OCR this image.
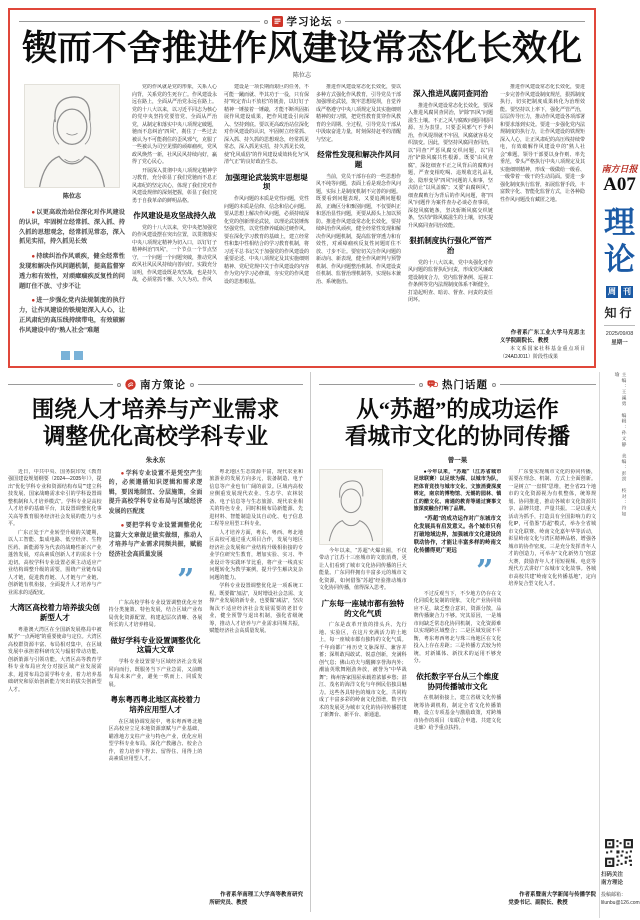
学习论坛
锲而不舍推进作风建设常态化长效化
陈位志
陈位志

●以更高政治站位深化对作风建设的认识，牢固树立经常抓、深入抓、持久抓的思想观念，经常抓见常态，深入抓见实招，持久抓见长效

●持续纠治作风顽疾，健全经常性发现和解决作风问题机制，提高监督穿透力和有效性，对顽瘴痼疾反复性的问题盯住不放、寸步不让

●进一步强化党内法规制度的执行力，让作风建设的铁规矩深入人心，让正风肃纪的高压线持续带电，有效破解作风建设中的“熟人社会”难题

党的作风就是党的形象，关系人心向背，关系党的生死存亡。作风建设永远在路上，全面从严治党永远在路上。党的十八大以来，以习近平同志为核心的党中央坚持党要管党、全面从严治党，从制定和落实中央八项规定破题，驰而不息纠治“四风”，刹住了一些过去被认为不可能刹住的歪风邪气，克服了一些被认为司空见惯的顽瘴痼疾，党风政风焕然一新，社风民风持续向好，赢得了党心民心。

开展深入贯彻中央八项规定精神学习教育，充分彰显了我们党驰而不息正风肃纪的坚定决心，体现了我们党对作风建设规律的深刻把握，彰显了我们党勇于自我革命的鲜明品格。

作风建设是攻坚战持久战

党的十八大以来，党中央把加强党的作风建设摆在突出位置，以贯彻落实中央八项规定精神为切入口，以钉钉子精神纠治“四风”，一个节点一个节点坚守，一个问题一个问题突破，推动党风政风社风民风持续向善向好。实践充分证明，作风建设既是攻坚战，也是持久战，必须常抓不懈、久久为功。作风

建设是一项长期而艰巨的任务，不可能一蹴而就、毕其功于一役，只有保持“咬定青山不放松”的韧劲，以钉钉子精神一锤接着一锤敲，才能不断巩固拓展作风建设成果，把作风建设引向深入、坚持到底。要以更高政治站位深化对作风建设的认识，牢固树立经常抓、深入抓、持久抓的思想观念，经常抓见常态，深入抓见实招，持久抓见长效，使“化风成俗”的作风建设成效转化为“风清气正”的良好政治生态。

加强理论武装筑牢思想堤坝

作风问题的本质是党性问题，党性问题的本质是信仰、信念和信心问题。要从思想上解决作风问题，必须持续深化党的创新理论武装，以理论武装锤炼坚强党性，以党性修养砥砺过硬作风。要在深化学习教育的基础上，建立经常性和集中性相结合的学习教育机制，将习近平总书记关于加强党的作风建设的重要论述、中央八项规定及其实施细则精神、党纪党规中关于作风建设的内容作为党内学习必修课，夯实党的作风建设的思想根基。

推进作风建设常态化长效化，要以多种方式强化作风教育，引导党员干部加强理论武装，筑牢思想堤坝，自觉养成严格遵守中央八项规定及其实施细则精神的好习惯，把党性教育贯穿作风教育的全周期、全过程，引导党员干部从中汲取奋进力量，时刻保持赶考的清醒与坚定。

经常性发现和解决作风问题

当前，党员干部存在的一些思想作风不纯等问题，表面上看是观念作风问题，实际上是制度机制不完善的问题。既要看到问题表现，又要追溯问题根源，正确区分和甄别问题，不仅要纠正和惩治显性问题，更要从源头上加以预防。推进作风建设常态化长效化，要持续纠治作风顽疾，健全经常性发现和解决作风问题机制，提高监督穿透力和有效性，对顽瘴痼疾反复性问题盯住不放、寸步不让。要密切关注作风问题的新动向、新表现，健全作风研判与预警机制、作风问题整治机制、作风建设责任机制、监督治理机制等，实现标本兼治、系统施治。

深入推进风腐同查同治

推进作风建设常态化长效化，要深入推进风腐同查同治，铲除“四风”问题滋生土壤。不正之风与腐败问题同根同源、互为表里。只要歪风邪气不予纠治，作风堤坝就不牢固，风腐就容易交织演变。因此，要坚持风腐同查同治，以“同查”严惩风腐交织问题，以“同治”铲除风腐共性根源。既要“由风查腐”，深挖细查不正之风背后的腐败问题，严查变相吃喝、违规收送礼品礼金、隐形变异“四风”问题的人和事，坚决防止“以风盖腐”；又要“由腐纠风”，细查腐败行为背后的作风问题，将“四风”问题作为案件查办必谈必查事项，深挖风腐链条，坚决斩断风腐交织链条，坚决铲除风腐滋生的土壤，切实提升风腐同查同治效能。

狠抓制度执行强化严管严治

党的十八大以来，党中央强化对作风问题的监督执纪问责，形成党风廉政建设制度合力，党内监督条例、巡视工作条例等党内法规制度体系不断健全，打造起明查、暗访、督查、问责的责任闭环。

推进作风建设常态化长效化，要进一步完善作风建设制度规范，狠抓制度执行，切实把制度成果转化为治理效能。要坚持以上率下，强化严管严治，层层传导压力，推动作风建设各项部署和要求落到实处。要进一步强化党内法规制度的执行力，让作风建设的铁规矩深入人心，让正风肃纪的高压线持续带电，有效破解作风建设中的“熟人社会”难题。领导干部要以身作则、率先垂范，带头严格执行中央八项规定及其实施细则精神，形成一级做给一级看、一级带着一级干的生动局面。要进一步强化制度执行监督，拓展监督手段，丰富数字化、智能化监督方式，让各种隐性作风问题没有藏匿之地。

作者系广东工业大学马克思主义学院副院长、教授

本文系国家社科基金重点项目（24ADJ011）阶段性成果

南方策论
围绕人才培养与产业需求
调整优化高校学科专业
朱永东

近日，中共中央、国务院印发《教育强国建设规划纲要（2024—2035年）》，提出“优化学科专业和资源结构布局”“建立科技发展、国家战略需求牵引的学科设置调整机制和人才培养模式”。学科专业是高校人才培养的基础平台，其设置调整优化事关高等教育服务经济社会发展的能力与水平。

广东正处于产业转型升级的关键期，以人工智能、集成电路、低空经济、生物医药、新能源等为代表的战略性新兴产业蓬勃发展，对高素质创新人才的需求十分迫切。高校学科专业设置必须主动适应产业结构调整升级的需要，围绕产业链布局人才链，促进教育链、人才链与产业链、创新链有机衔接，全面提升人才培养与产业需求的适配度。

大湾区高校着力培养拔尖创新型人才

粤港澳大湾区在全国新发展格局中被赋予“一点两地”的重要使命与定位。大湾区高校群资源丰富、布局相对集中，在区域发展中承担着科研攻关与辐射带动功能、创新策源与引领功能。大湾区高等教育学科专业布局应充分对接区域产业发展需求，超常布局急需学科专业，着力培养基础研究和原始创新能力突出的拔尖创新型人才。

●学科专业设置不是凭空产生的，必须遵循知识逻辑和需求逻辑，要因地制宜、分层施策，全面提升高校学科专业布局与区域经济发展的匹配度

●要把学科专业设置调整优化这篇大文章做足做实做细，推动人才培养与产业需求同频共振，赋能经济社会高质量发展

”

广东高校学科专业设置调整优化应坚持分类施策、特色发展，结合区域产业布局优化资源配置，构建起层次清晰、各展所长的人才培养格局。

做好学科专业设置调整优化这篇大文章

学科专业设置要与区域经济社会发展同向而行，既服务当下产业急需，又前瞻布局未来产业，避免一哄而上、同质发展。

粤东粤西粤北地区高校着力培养应用型人才

在区域协调发展中，粤东粤西粤北地区高校应立足本地资源禀赋与产业基础，瞄准地方支柱产业与特色产业，优化应用型学科专业布局，深化产教融合、校企合作，着力培养下得去、留得住、用得上的高素质应用型人才。

粤北地区生态资源丰富，现代农业和旅游业的发展方向多元，装备制造、电子信息等产业也有广阔的前景。区域内高校应侧重发展现代农业、生态学、农林装备、电子信息等与生态旅游、现代农业相关的特色专业，同时积极布局新能源、先进材料、智能制造及其自动化、电子信息工程等应用型工科专业。

人才培养方面，粤东、粤西、粤北地区高校可通过重大项目合作，发展与地区经济社会发展和产业结构升级相衔接的专业学位研究生教育，增加实验、实习、毕业设计等实践环节比重，将产业一线真实问题转化为教学案例，提升学生解决复杂问题的能力。

学科专业设置调整优化是一项系统工程。既要做“加法”，及时增设社会急需、支撑产业发展的新专业，也要做“减法”，坚决淘汰不适应经济社会发展需要的老旧专业，健全预警与退出机制，强化省级统筹，推动人才培养与产业需求同频共振，赋能经济社会高质量发展。

作者系华南理工大学高等教育研究所研究员、教授

热门话题
从“苏超”的成功运作
看城市文化的协同传播
曾一果

今年以来，“苏超”火爆出圈，不仅带动了江苏十三座城市的文旅消费，更让人们看到了城市文化协同传播的巨大能量。广东同样拥有丰富多元的城市文化资源，如何借鉴“苏超”经验推动城市文化协同传播，值得深入思考。

广东每一座城市都有独特的文化气质

广东是改革开放的排头兵、先行地、实验区，在这片充满活力的土地上，每一座城市都有独特的文化气质。千年商都广州历史文脉深厚、兼容并蓄；深圳敢闯敢试、锐意创新，充满科创气息；佛山功夫与醒狮享誉海内外；潮汕英歌舞刚劲奔放，被誉为“中华战舞”；梅州客家围屋承载着浓郁乡愁；湛江、茂名的海洋文化与年例民俗独具魅力。这些各具特色的城市文化，共同构成了丰富多彩的岭南文化图谱，数字技术的发展更为城市文化的协同传播搭建了新舞台、新平台、新通道。

●今年以来，“苏超”（江苏省城市足球联赛）以足球为媒、以城市为队，把体育竞技与城市文化、文旅消费深度绑定，南京的博物馆、无锡的园林、镇江的醋文化、南通的教育等通过赛事文旅深度融合打响了品牌。

“苏超”的成功运作对广东城市文化发展具有启发意义。各个城市只有打破地域边界，加强城市文化建设的联动协作，才能让丰富多样的岭南文化传播得更广更远

”

不过反观当下，不少地方仍存在文化同质化复制的现象，文化产业协同效应不足，缺乏整合意识，资源分散，品牌传播聚合力不够。究其原因，一是城市间缺乏常态化协同机制，文化资源难以实现跨区域整合；二是区域发展不平衡，粤东粤西粤北与珠三角地区在文化投入上存在差距；三是传播方式较为传统，对新媒体、新技术的运用不够充分。

依托数字平台从三个维度协同传播城市文化

在机制衔接上，建立省级文化传播统筹协调机构，制定全省文化传播策略，设立专项基金与激励政策，对跨城市协作的项目（如联合申遗、共建文化走廊）给予重点扶持。

广东要实现城市文化的协同传播，需要在理念、机制、方式上全面创新。一是树立“一盘棋”思维，把全省21个地市的文化资源视为有机整体，统筹规划、协同推进，推动各城市文化资源共享、品牌共建、声量共振。二是以重大活动为抓手，打造具有全国影响力的文化IP，可借鉴“苏超”模式，举办全省城市文化联赛、岭南文化嘉年华等活动，彰显岭南文化与湾区精神品格，增强各城市的协作密度。三是充分发挥青年人才的创造力，可举办“文化新势力”创意大赛，鼓励青年人才用短视频、电竞等现代方式讲好广东城市文化故事。各城市高校共建“岭南文化传播基地”，定向培养复合型文化人才。

作者系暨南大学新闻与传播学院党委书记、副院长、教授

南方日报
A07
理
论
周 刊
知行
2025/09/08
星期一
主编：王溪勇　编辑：孙文静　美编：彭雳　校对：符如瑜
扫码关注
南方理论
投稿邮箱：
lilunbu@126.com
